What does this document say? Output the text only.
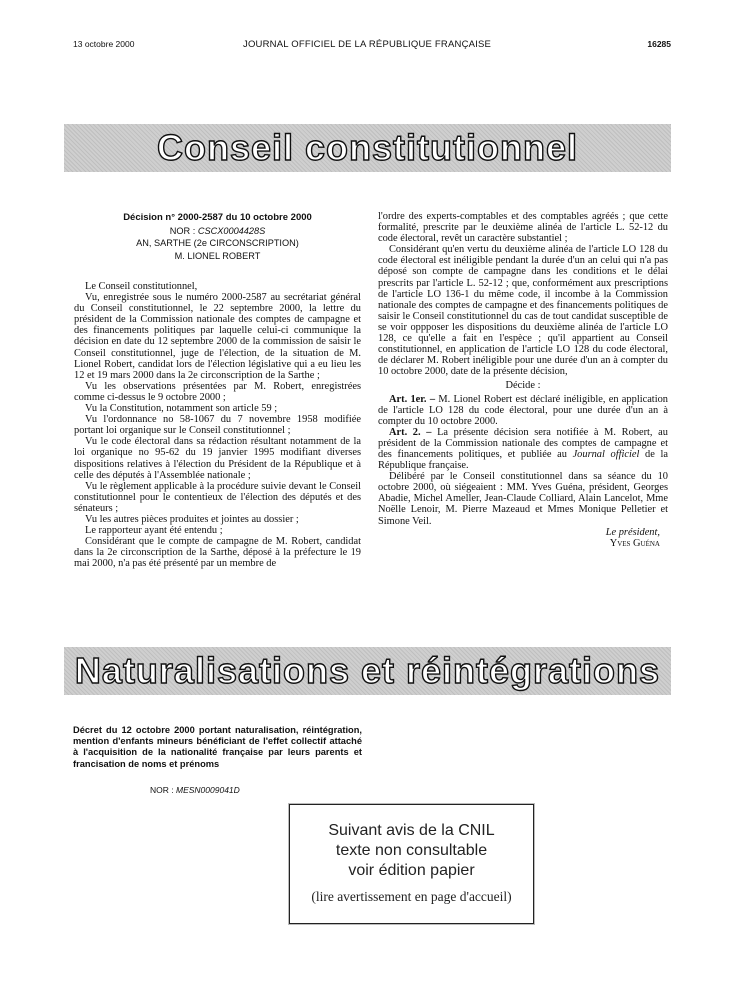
13 octobre 2000	JOURNAL OFFICIEL DE LA RÉPUBLIQUE FRANÇAISE	16285
Conseil constitutionnel
Décision n° 2000-2587 du 10 octobre 2000
NOR : CSCX0004428S
AN, SARTHE (2e CIRCONSCRIPTION)
M. LIONEL ROBERT

Le Conseil constitutionnel,

Vu, enregistrée sous le numéro 2000-2587 au secrétariat général du Conseil constitutionnel, le 22 septembre 2000, la lettre du président de la Commission nationale des comptes de campagne et des financements politiques par laquelle celui-ci communique la décision en date du 12 septembre 2000 de la commission de saisir le Conseil constitutionnel, juge de l'élection, de la situation de M. Lionel Robert, candidat lors de l'élection législative qui a eu lieu les 12 et 19 mars 2000 dans la 2e circonscription de la Sarthe ;

Vu les observations présentées par M. Robert, enregistrées comme ci-dessus le 9 octobre 2000 ;

Vu la Constitution, notamment son article 59 ;

Vu l'ordonnance no 58-1067 du 7 novembre 1958 modifiée portant loi organique sur le Conseil constitutionnel ;

Vu le code électoral dans sa rédaction résultant notamment de la loi organique no 95-62 du 19 janvier 1995 modifiant diverses dispositions relatives à l'élection du Président de la République et à celle des députés à l'Assemblée nationale ;

Vu le règlement applicable à la procédure suivie devant le Conseil constitutionnel pour le contentieux de l'élection des députés et des sénateurs ;

Vu les autres pièces produites et jointes au dossier ;

Le rapporteur ayant été entendu ;

Considérant que le compte de campagne de M. Robert, candidat dans la 2e circonscription de la Sarthe, déposé à la préfecture le 19 mai 2000, n'a pas été présenté par un membre de

l'ordre des experts-comptables et des comptables agréés ; que cette formalité, prescrite par le deuxième alinéa de l'article L. 52-12 du code électoral, revêt un caractère substantiel ;

Considérant qu'en vertu du deuxième alinéa de l'article LO 128 du code électoral est inéligible pendant la durée d'un an celui qui n'a pas déposé son compte de campagne dans les conditions et le délai prescrits par l'article L. 52-12 ; que, conformément aux prescriptions de l'article LO 136-1 du même code, il incombe à la Commission nationale des comptes de campagne et des financements politiques de saisir le Conseil constitutionnel du cas de tout candidat susceptible de se voir oppposer les dispositions du deuxième alinéa de l'article LO 128, ce qu'elle a fait en l'espèce ; qu'il appartient au Conseil constitutionnel, en application de l'article LO 128 du code électoral, de déclarer M. Robert inéligible pour une durée d'un an à compter du 10 octobre 2000, date de la présente décision,

Décide :

Art. 1er. – M. Lionel Robert est déclaré inéligible, en application de l'article LO 128 du code électoral, pour une durée d'un an à compter du 10 octobre 2000.

Art. 2. – La présente décision sera notifiée à M. Robert, au président de la Commission nationale des comptes de campagne et des financements politiques, et publiée au Journal officiel de la République française.

Délibéré par le Conseil constitutionnel dans sa séance du 10 octobre 2000, où siégeaient : MM. Yves Guéna, président, Georges Abadie, Michel Ameller, Jean-Claude Colliard, Alain Lancelot, Mme Noëlle Lenoir, M. Pierre Mazeaud et Mmes Monique Pelletier et Simone Veil.

Le président,

Yves Guéna

Naturalisations et réintégrations
Décret du 12 octobre 2000 portant naturalisation, réintégration, mention d'enfants mineurs bénéficiant de l'effet collectif attaché à l'acquisition de la nationalité française par leurs parents et francisation de noms et prénoms
NOR : MESN0009041D
Suivant avis de la CNIL
texte non consultable
voir édition papier
(lire avertissement en page d'accueil)
